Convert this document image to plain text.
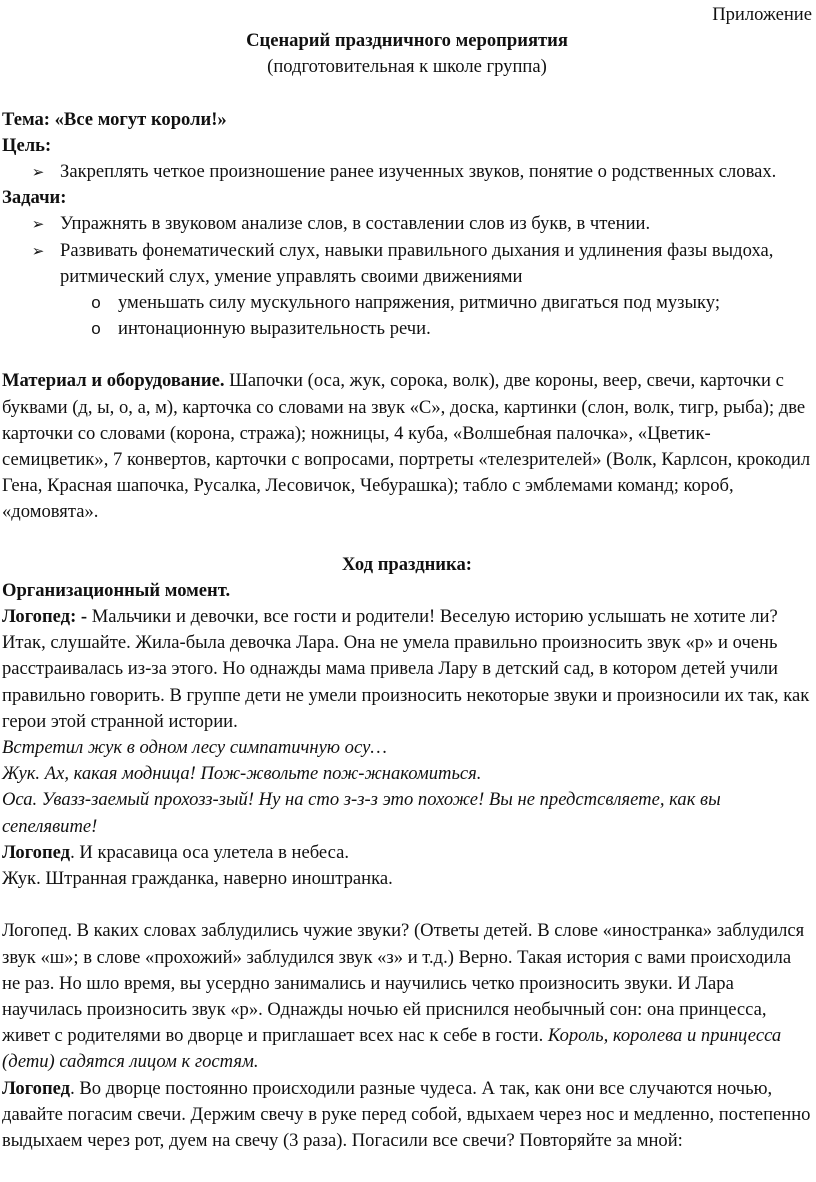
Приложение

Сценарий праздничного мероприятия

(подготовительная к школе группа)

Тема: «Все могут короли!»

Цель:

➢ Закреплять четкое произношение ранее изученных звуков, понятие о родственных словах.

Задачи:

➢ Упражнять в звуковом анализе слов, в составлении слов из букв, в чтении.
➢ Развивать фонематический слух, навыки правильного дыхания и удлинения фазы выдоха, ритмический слух, умение управлять своими движениями
o уменьшать силу мускульного напряжения, ритмично двигаться под музыку;
o интонационную выразительность речи.

Материал и оборудование. Шапочки (оса, жук, сорока, волк), две короны, веер, свечи, карточки с буквами (д, ы, о, а, м), карточка со словами на звук «С», доска, картинки (слон, волк, тигр, рыба); две карточки со словами (корона, стража); ножницы, 4 куба, «Волшебная палочка», «Цветик-семицветик», 7 конвертов, карточки с вопросами, портреты «телезрителей» (Волк, Карлсон, крокодил Гена, Красная шапочка, Русалка, Лесовичок, Чебурашка); табло с эмблемами команд; короб, «домовята».

Ход праздника:

Организационный момент.

Логопед: - Мальчики и девочки, все гости и родители! Веселую историю услышать не хотите ли? Итак, слушайте. Жила-была девочка Лара. Она не умела правильно произносить звук «р» и очень расстраивалась из-за этого. Но однажды мама привела Лару в детский сад, в котором детей учили правильно говорить. В группе дети не умели произносить некоторые звуки и произносили их так, как герои этой странной истории.

Встретил жук в одном лесу симпатичную осу…

Жук. Ах, какая модница! Пож-жвольте пож-жнакомиться.

Оса. Увазз-заемый прохозз-зый! Ну на сто з-з-з это похоже! Вы не предстсвляете, как вы сепелявите!

Логопед. И красавица оса улетела в небеса.

Жук. Штранная гражданка, наверно иноштранка.

Логопед. В каких словах заблудились чужие звуки? (Ответы детей. В слове «иностранка» заблудился звук «ш»; в слове «прохожий» заблудился звук «з» и т.д.) Верно. Такая история с вами происходила не раз. Но шло время, вы усердно занимались и научились четко произносить звуки. И Лара научилась произносить звук «р». Однажды ночью ей приснился необычный сон: она принцесса, живет с родителями во дворце и приглашает всех нас к себе в гости. Король, королева и принцесса (дети) садятся лицом к гостям.

Логопед. Во дворце постоянно происходили разные чудеса. А так, как они все случаются ночью, давайте погасим свечи. Держим свечу в руке перед собой, вдыхаем через нос и медленно, постепенно выдыхаем через рот, дуем на свечу (3 раза). Погасили все свечи? Повторяйте за мной:
